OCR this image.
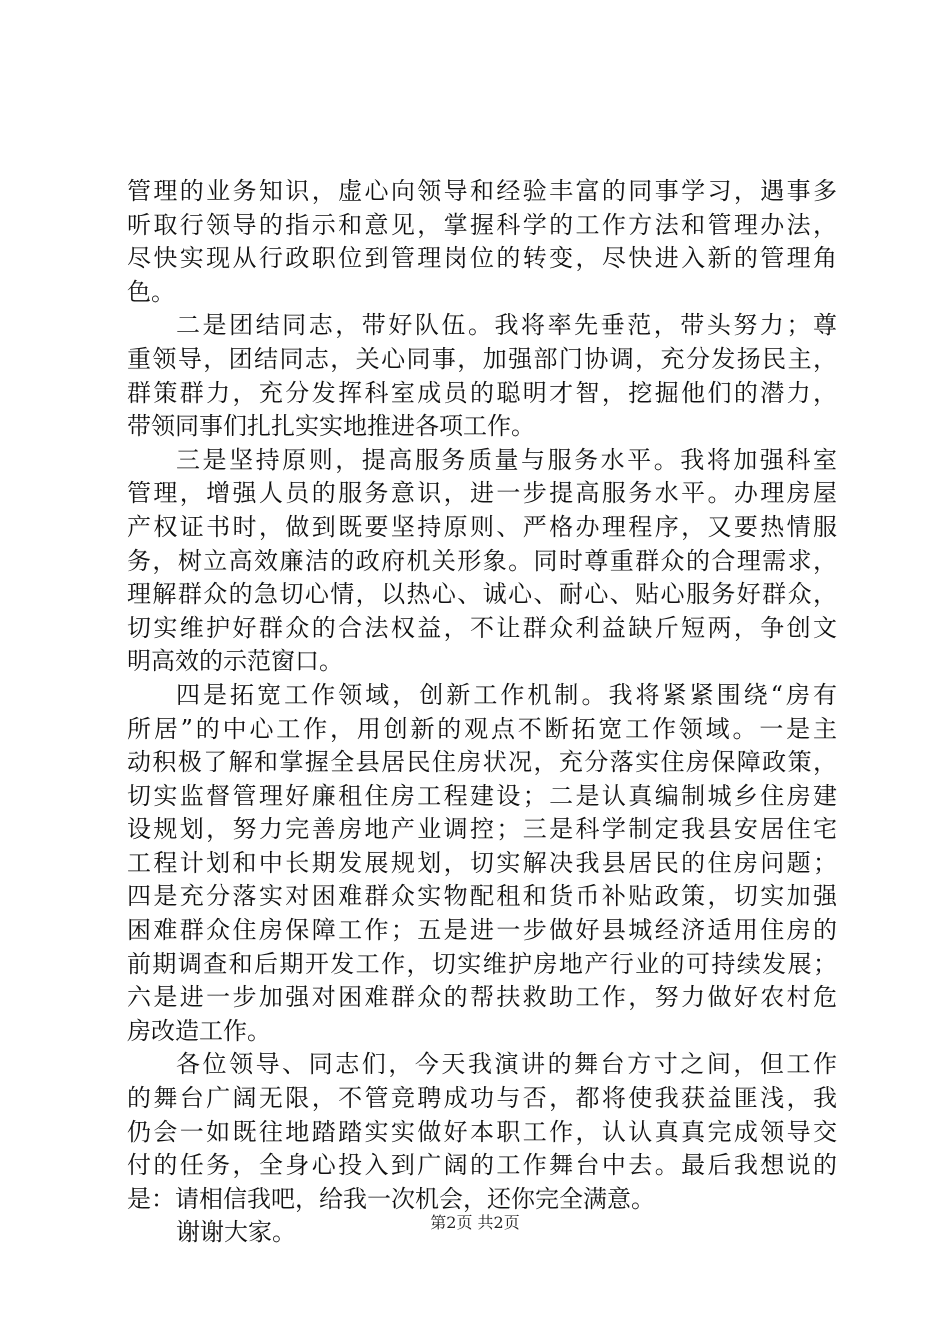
管理的业务知识，虚心向领导和经验丰富的同事学习，遇事多
听取行领导的指示和意见，掌握科学的工作方法和管理办法，
尽快实现从行政职位到管理岗位的转变，尽快进入新的管理角
色。
二是团结同志，带好队伍。我将率先垂范，带头努力；尊
重领导，团结同志，关心同事，加强部门协调，充分发扬民主，
群策群力，充分发挥科室成员的聪明才智，挖掘他们的潜力，
带领同事们扎扎实实地推进各项工作。
三是坚持原则，提高服务质量与服务水平。我将加强科室
管理，增强人员的服务意识，进一步提高服务水平。办理房屋
产权证书时，做到既要坚持原则、严格办理程序，又要热情服
务，树立高效廉洁的政府机关形象。同时尊重群众的合理需求，
理解群众的急切心情，以热心、诚心、耐心、贴心服务好群众，
切实维护好群众的合法权益，不让群众利益缺斤短两，争创文
明高效的示范窗口。
四是拓宽工作领域，创新工作机制。我将紧紧围绕“房有
所居”的中心工作，用创新的观点不断拓宽工作领域。一是主
动积极了解和掌握全县居民住房状况，充分落实住房保障政策，
切实监督管理好廉租住房工程建设；二是认真编制城乡住房建
设规划，努力完善房地产业调控；三是科学制定我县安居住宅
工程计划和中长期发展规划，切实解决我县居民的住房问题；
四是充分落实对困难群众实物配租和货币补贴政策，切实加强
困难群众住房保障工作；五是进一步做好县城经济适用住房的
前期调查和后期开发工作，切实维护房地产行业的可持续发展；
六是进一步加强对困难群众的帮扶救助工作，努力做好农村危
房改造工作。
各位领导、同志们，今天我演讲的舞台方寸之间，但工作
的舞台广阔无限，不管竞聘成功与否，都将使我获益匪浅，我
仍会一如既往地踏踏实实做好本职工作，认认真真完成领导交
付的任务，全身心投入到广阔的工作舞台中去。最后我想说的
是：请相信我吧，给我一次机会，还你完全满意。
谢谢大家。	第2页 共2页
